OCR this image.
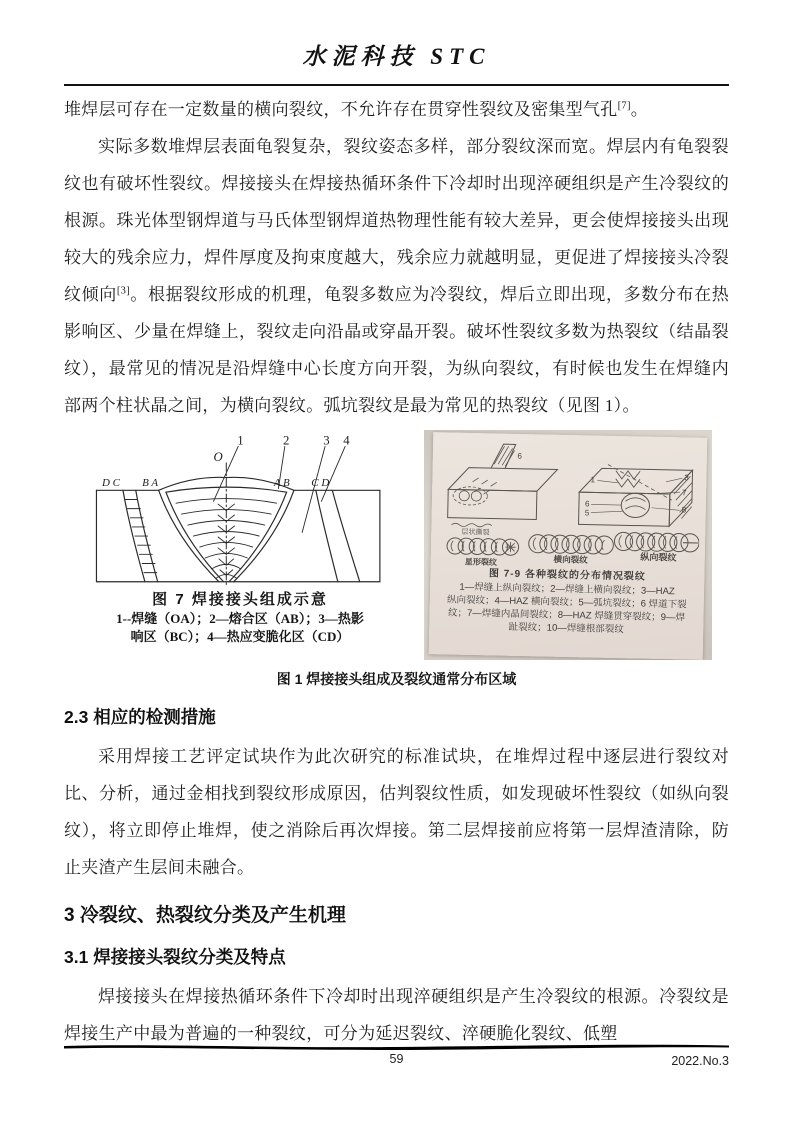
水泥科技 STC

堆焊层可存在一定数量的横向裂纹，不允许存在贯穿性裂纹及密集型气孔[7]。

实际多数堆焊层表面龟裂复杂，裂纹姿态多样，部分裂纹深而宽。焊层内有龟裂裂纹也有破坏性裂纹。焊接接头在焊接热循环条件下冷却时出现淬硬组织是产生冷裂纹的根源。珠光体型钢焊道与马氏体型钢焊道热物理性能有较大差异，更会使焊接接头出现较大的残余应力，焊件厚度及拘束度越大，残余应力就越明显，更促进了焊接接头冷裂纹倾向[3]。根据裂纹形成的机理，龟裂多数应为冷裂纹，焊后立即出现，多数分布在热影响区、少量在焊缝上，裂纹走向沿晶或穿晶开裂。破坏性裂纹多数为热裂纹（结晶裂纹），最常见的情况是沿焊缝中心长度方向开裂，为纵向裂纹，有时候也发生在焊缝内部两个柱状晶之间，为横向裂纹。弧坑裂纹是最为常见的热裂纹（见图 1）。

1	2 3 4
O
D C B A	A B C D
图 7 焊接接头组成示意
1--焊缝（OA）；2—熔合区（AB）；3—热影
响区（BC）；4—热应变脆化区（CD）
6
1	3
5
6
7
8
层状撕裂
星形裂纹	横向裂纹	纵向裂纹
图 7-9 各种裂纹的分布情况裂纹
1—焊缝上纵向裂纹；2—焊缝上横向裂纹；3—HAZ
纵向裂纹；4—HAZ 横向裂纹；5—弧坑裂纹；6 焊道下裂
纹；7—焊缝内晶间裂纹；8—HAZ 焊缝贯穿裂纹；9—焊
趾裂纹；10—焊缝根部裂纹
图 1 焊接接头组成及裂纹通常分布区域
2.3 相应的检测措施

采用焊接工艺评定试块作为此次研究的标准试块，在堆焊过程中逐层进行裂纹对比、分析，通过金相找到裂纹形成原因，估判裂纹性质，如发现破坏性裂纹（如纵向裂纹），将立即停止堆焊，使之消除后再次焊接。第二层焊接前应将第一层焊渣清除，防止夹渣产生层间未融合。

3 冷裂纹、热裂纹分类及产生机理
3.1 焊接接头裂纹分类及特点

焊接接头在焊接热循环条件下冷却时出现淬硬组织是产生冷裂纹的根源。冷裂纹是焊接生产中最为普遍的一种裂纹，可分为延迟裂纹、淬硬脆化裂纹、低塑

59	2022.No.3
